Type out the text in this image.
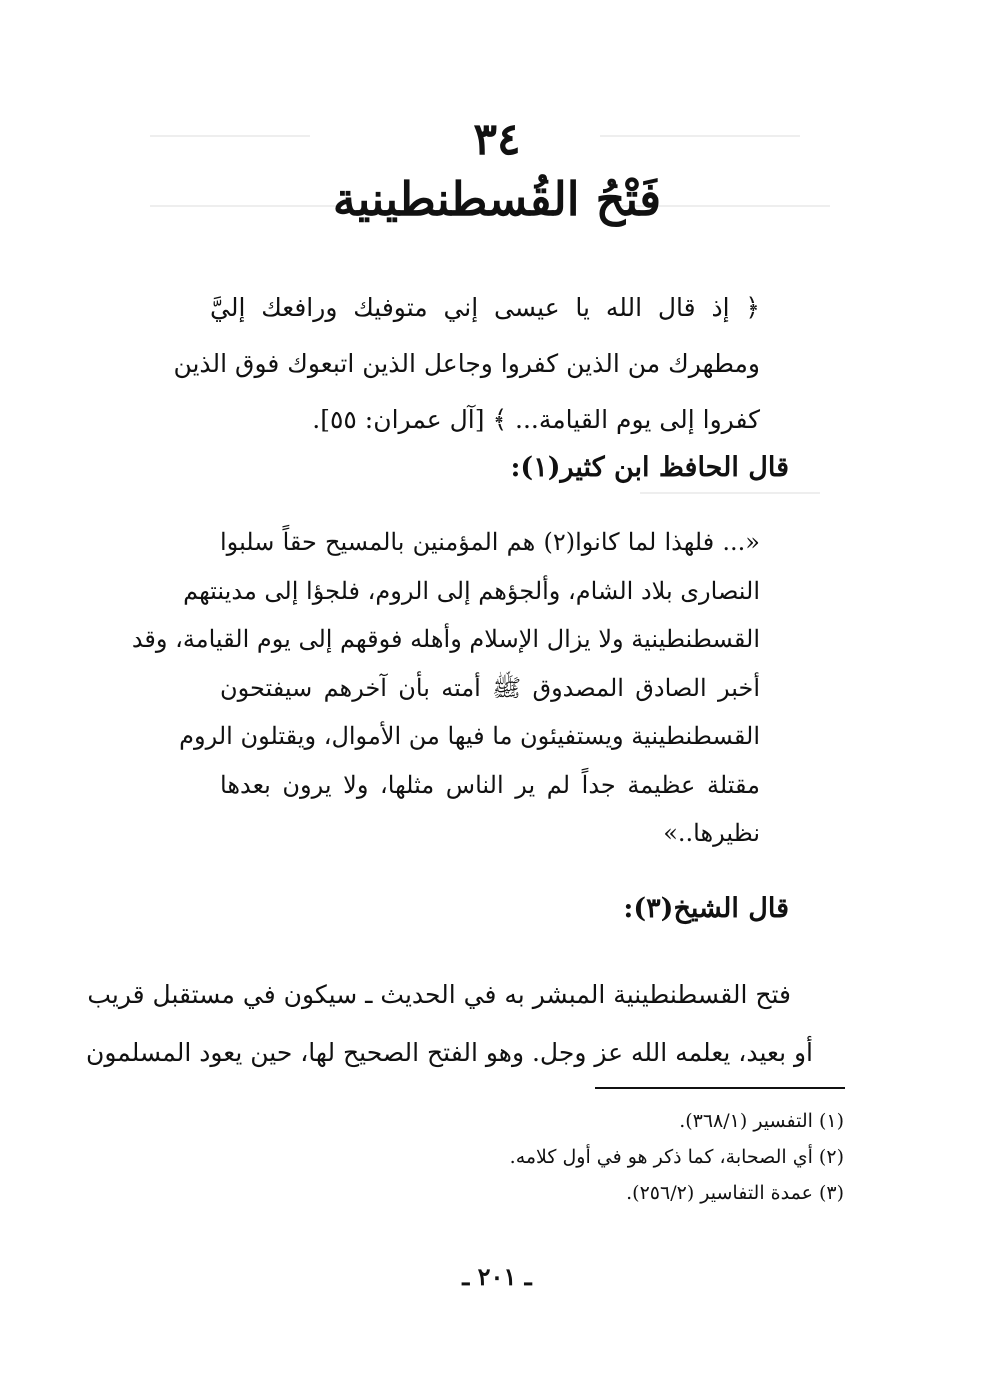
٣٤
فَتْحُ القُسطنطينية
﴿ إذ قال الله يا عيسى إني متوفيك ورافعك إليَّ
ومطهرك من الذين كفروا وجاعل الذين اتبعوك فوق الذين
كفروا إلى يوم القيامة... ﴾ [آل عمران: ٥٥].
قال الحافظ ابن كثير(١):
«... فلهذا لما كانوا(٢) هم المؤمنين بالمسيح حقاً سلبوا
النصارى بلاد الشام، وألجؤهم إلى الروم، فلجؤا إلى مدينتهم
القسطنطينية ولا يزال الإسلام وأهله فوقهم إلى يوم القيامة، وقد
أخبر الصادق المصدوق ﷺ أمته بأن آخرهم سيفتحون
القسطنطينية ويستفيئون ما فيها من الأموال، ويقتلون الروم
مقتلة عظيمة جداً لم ير الناس مثلها، ولا يرون بعدها
نظيرها..»
قال الشيخ(٣):
فتح القسطنطينية المبشر به في الحديث ـ سيكون في مستقبل قريب
أو بعيد، يعلمه الله عز وجل. وهو الفتح الصحيح لها، حين يعود المسلمون
(١) التفسير (٣٦٨/١).
(٢) أي الصحابة، كما ذكر هو في أول كلامه.
(٣) عمدة التفاسير (٢٥٦/٢).
ـ ٢٠١ ـ
